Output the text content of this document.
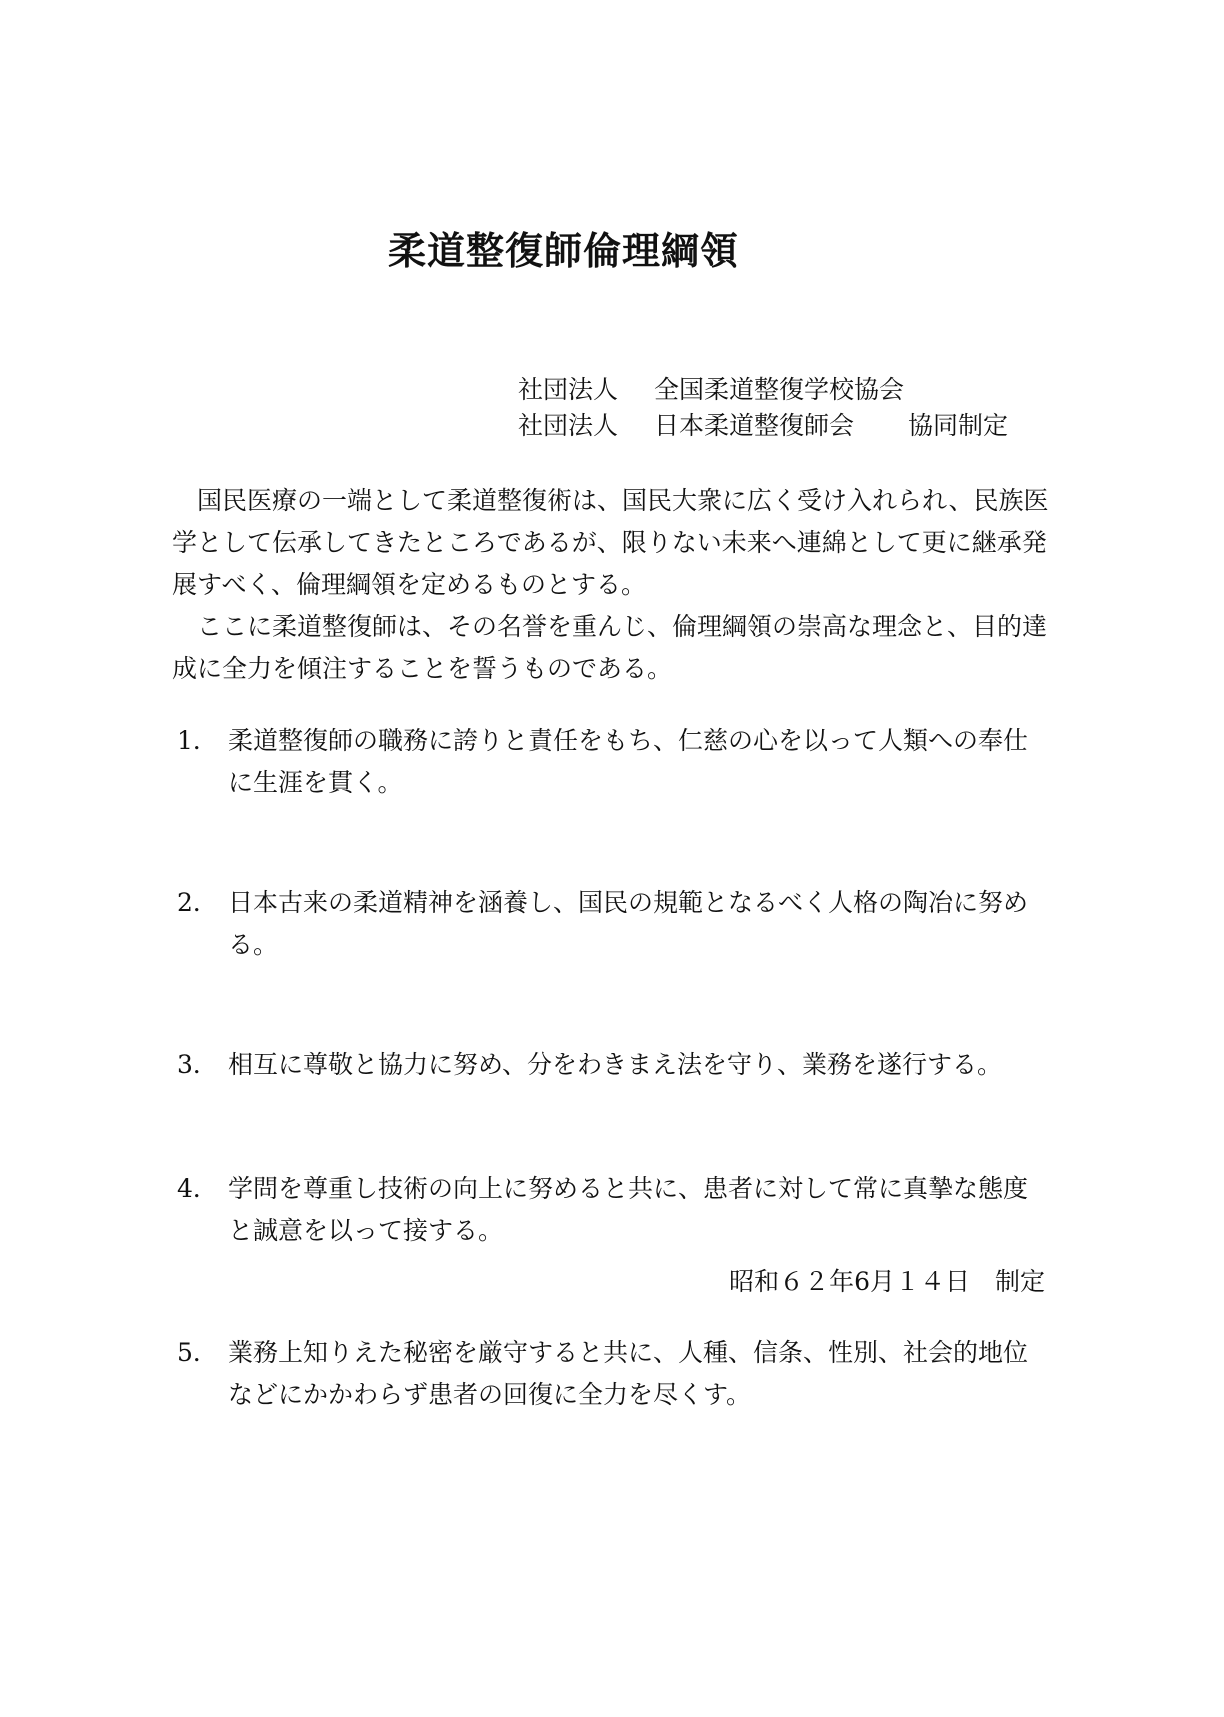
柔道整復師倫理綱領
社団法人 全国柔道整復学校協会
社団法人 日本柔道整復師会 協同制定

国民医療の一端として柔道整復術は、国民大衆に広く受け入れられ、民族医学として伝承してきたところであるが、限りない未来へ連綿として更に継承発展すべく、倫理綱領を定めるものとする。

ここに柔道整復師は、その名誉を重んじ、倫理綱領の崇高な理念と、目的達成に全力を傾注することを誓うものである。

1． 柔道整復師の職務に誇りと責任をもち、仁慈の心を以って人類への奉仕に生涯を貫く。
2． 日本古来の柔道精神を涵養し、国民の規範となるべく人格の陶冶に努める。
3． 相互に尊敬と協力に努め、分をわきまえ法を守り、業務を遂行する。
4． 学問を尊重し技術の向上に努めると共に、患者に対して常に真摯な態度と誠意を以って接する。
5． 業務上知りえた秘密を厳守すると共に、人種、信条、性別、社会的地位などにかかわらず患者の回復に全力を尽くす。
昭和６２年6月１４日　制定
